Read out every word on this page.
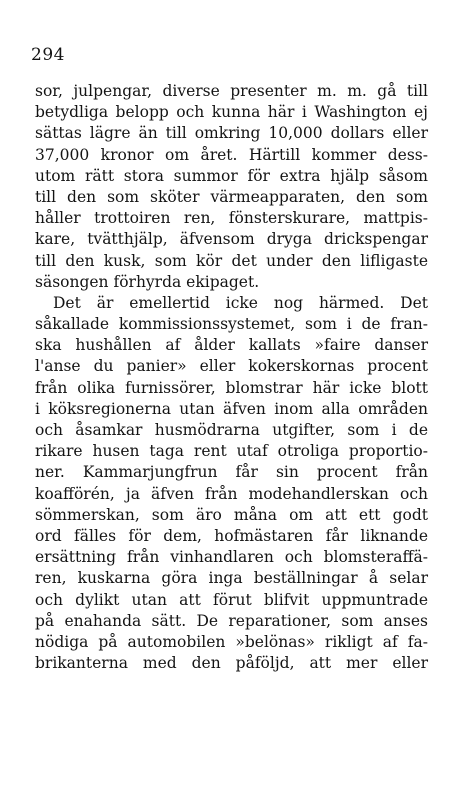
294
sor, julpengar, diverse presenter m. m. gå till
betydliga belopp och kunna här i Washington ej
sättas lägre än till omkring 10,000 dollars eller
37,000 kronor om året. Härtill kommer dess-
utom rätt stora summor för extra hjälp såsom
till den som sköter värmeapparaten, den som
håller trottoiren ren, fönsterskurare, mattpis-
kare, tvätthjälp, äfvensom dryga drickspengar
till den kusk, som kör det under den lifligaste
säsongen förhyrda ekipaget.
Det är emellertid icke nog härmed. Det
såkallade kommissionssystemet, som i de fran-
ska hushållen af ålder kallats »faire danser
l'anse du panier» eller kokerskornas procent
från olika furnissörer, blomstrar här icke blott
i köksregionerna utan äfven inom alla områden
och åsamkar husmödrarna utgifter, som i de
rikare husen taga rent utaf otroliga proportio-
ner. Kammarjungfrun får sin procent från
koafförén, ja äfven från modehandlerskan och
sömmerskan, som äro måna om att ett godt
ord fälles för dem, hofmästaren får liknande
ersättning från vinhandlaren och blomsteraffä-
ren, kuskarna göra inga beställningar å selar
och dylikt utan att förut blifvit uppmuntrade
på enahanda sätt. De reparationer, som anses
nödiga på automobilen »belönas» rikligt af fa-
brikanterna med den påföljd, att mer eller
